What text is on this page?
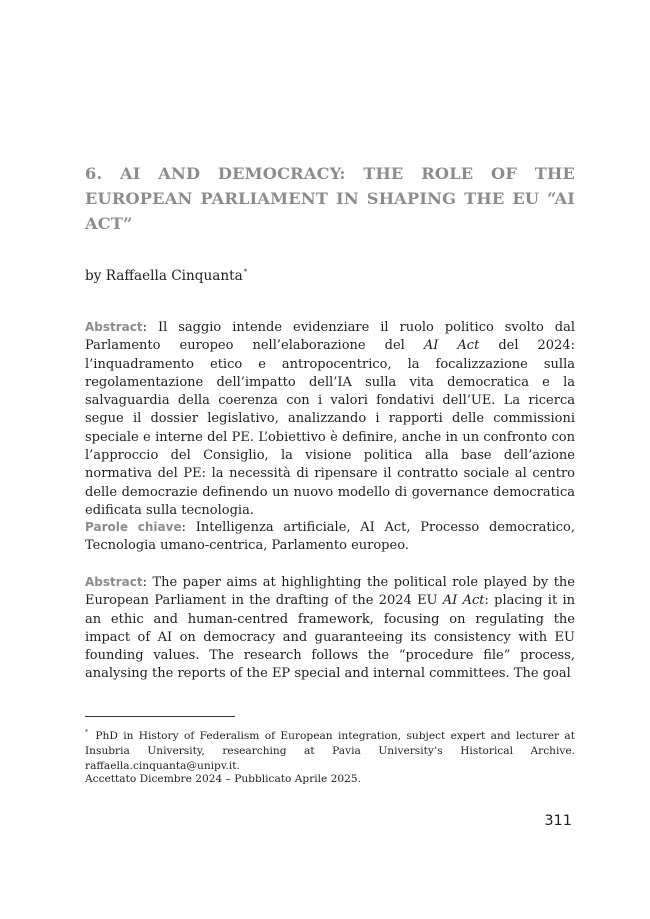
6. AI AND DEMOCRACY: THE ROLE OF THE EUROPEAN PARLIAMENT IN SHAPING THE EU “AI ACT”
by Raffaella Cinquanta*

Abstract: Il saggio intende evidenziare il ruolo politico svolto dal Parlamento europeo nell’elaborazione del AI Act del 2024: l’inquadramento etico e antropocentrico, la focalizzazione sulla regolamentazione dell’impatto dell’IA sulla vita democratica e la salvaguardia della coerenza con i valori fondativi dell’UE. La ricerca segue il dossier legislativo, analizzando i rapporti delle commissioni speciale e interne del PE. L’obiettivo è definire, anche in un confronto con l’approccio del Consiglio, la visione politica alla base dell’azione normativa del PE: la necessità di ripensare il contratto sociale al centro delle democrazie definendo un nuovo modello di governance democratica edificata sulla tecnologia.

Parole chiave: Intelligenza artificiale, AI Act, Processo democratico, Tecnologia umano-centrica, Parlamento europeo.

Abstract: The paper aims at highlighting the political role played by the European Parliament in the drafting of the 2024 EU AI Act: placing it in an ethic and human-centred framework, focusing on regulating the impact of AI on democracy and guaranteeing its consistency with EU founding values. The research follows the “procedure file” process, analysing the reports of the EP special and internal committees. The goal

* PhD in History of Federalism of European integration, subject expert and lecturer at Insubria University, researching at Pavia University’s Historical Archive. raffaella.cinquanta@unipv.it.

Accettato Dicembre 2024 – Pubblicato Aprile 2025.
311
